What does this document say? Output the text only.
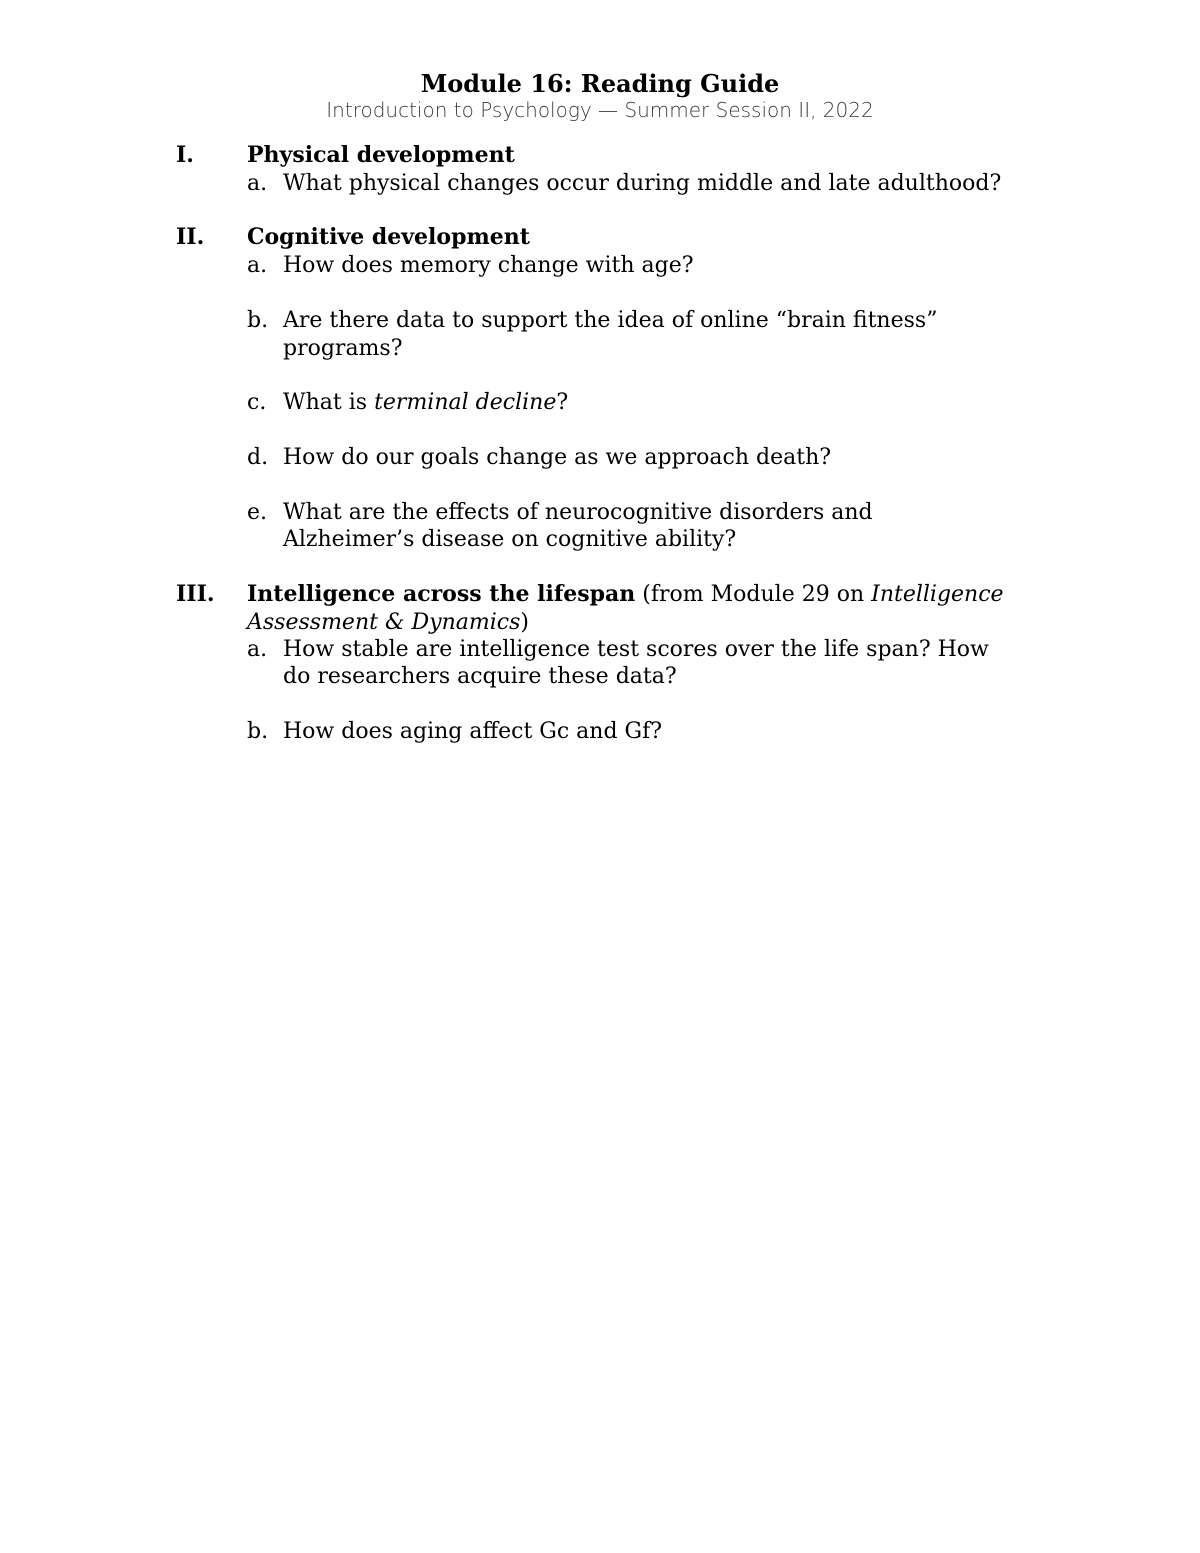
Module 16: Reading Guide
Introduction to Psychology — Summer Session II, 2022
I. Physical development
a. What physical changes occur during middle and late adulthood?
II. Cognitive development
a. How does memory change with age?
b. Are there data to support the idea of online “brain fitness”
programs?
c. What is terminal decline?
d. How do our goals change as we approach death?
e. What are the effects of neurocognitive disorders and
Alzheimer’s disease on cognitive ability?
III. Intelligence across the lifespan (from Module 29 on Intelligence
Assessment & Dynamics)
a. How stable are intelligence test scores over the life span? How
do researchers acquire these data?
b. How does aging affect Gc and Gf?
